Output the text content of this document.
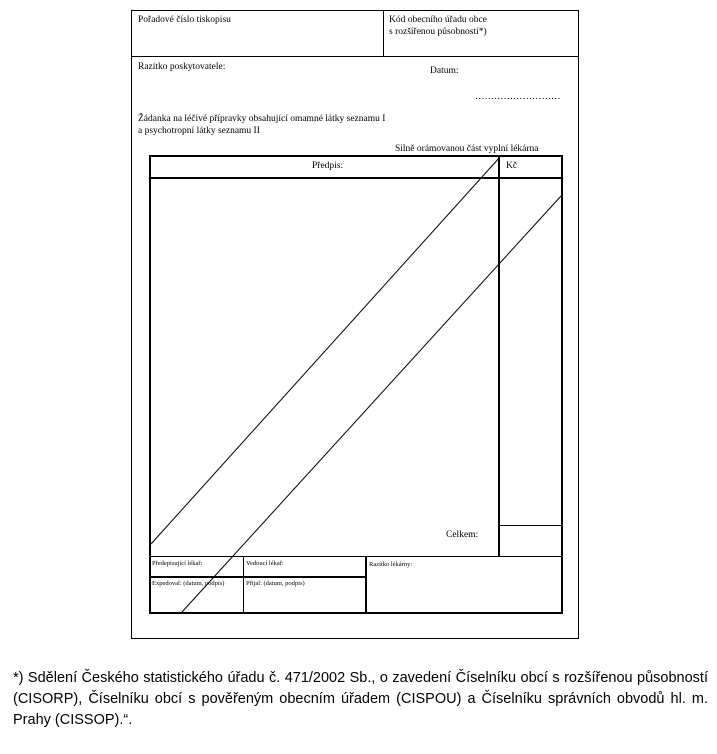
Pořadové číslo tiskopisu	Kód obecního úřadu obce
s rozšířenou působností*)
Razítko poskytovatele:	Datum:
………………………
Žádanka na léčivé přípravky obsahující omamné látky seznamu I
a psychotropní látky seznamu II
Silně orámovanou část vyplní lékárna
Předpis:	Kč
Celkem:
Předepisující lékař:	Vedoucí lékař:	Razítko lékárny:
Expedoval: (datum, podpis)	Přijal: (datum, podpis)
*) Sdělení Českého statistického úřadu č. 471/2002 Sb., o zavedení Číselníku obcí s rozšířenou působností (CISORP), Číselníku obcí s pověřeným obecním úřadem (CISPOU) a Číselníku správních obvodů hl. m. Prahy (CISSOP).“.
